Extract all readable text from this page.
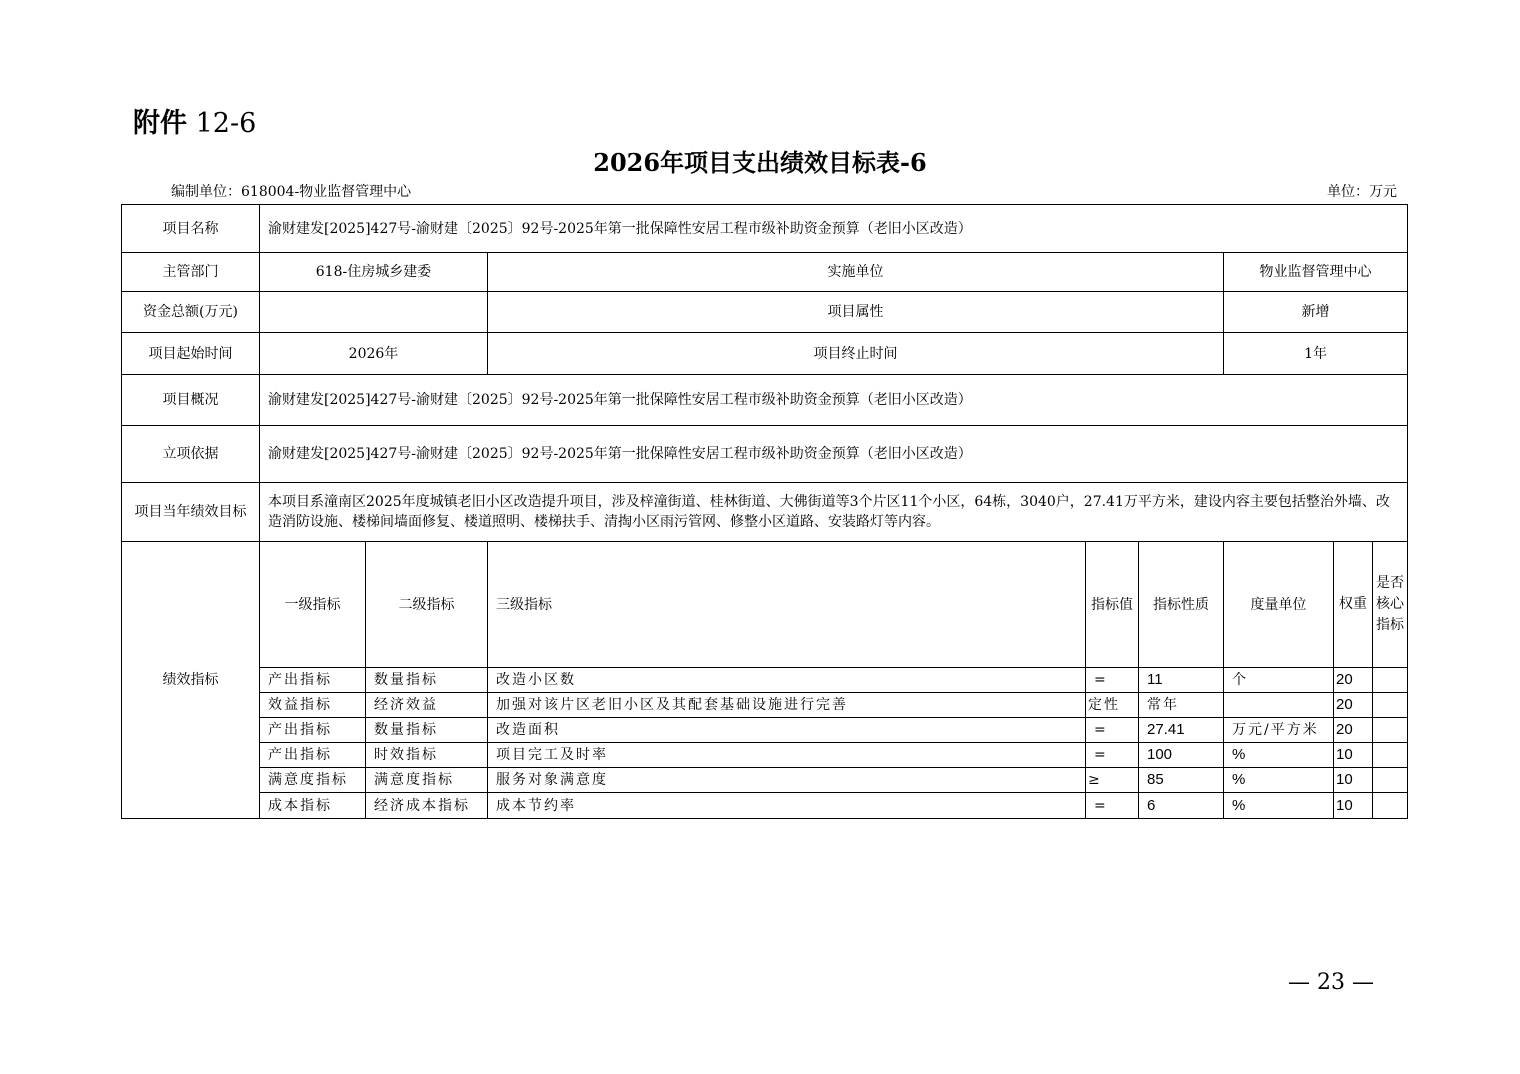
附件 12-6
2026年项目支出绩效目标表-6
编制单位：618004-物业监督管理中心	单位：万元
项目名称	渝财建发[2025]427号-渝财建〔2025〕92号-2025年第一批保障性安居工程市级补助资金预算（老旧小区改造）							
主管部门	618-住房城乡建委		实施单位			物业监督管理中心		
资金总额(万元)			项目属性			新增		
项目起始时间	2026年		项目终止时间			1年		
项目概况	渝财建发[2025]427号-渝财建〔2025〕92号-2025年第一批保障性安居工程市级补助资金预算（老旧小区改造）							
立项依据	渝财建发[2025]427号-渝财建〔2025〕92号-2025年第一批保障性安居工程市级补助资金预算（老旧小区改造）							
项目当年绩效目标	本项目系潼南区2025年度城镇老旧小区改造提升项目，涉及梓潼街道、桂林街道、大佛街道等3个片区11个小区，64栋，3040户，27.41万平方米，建设内容主要包括整治外墙、改造消防设施、楼梯间墙面修复、楼道照明、楼梯扶手、清掏小区雨污管网、修整小区道路、安装路灯等内容。							
绩效指标	一级指标	二级指标	三级指标	指标值	指标性质	度量单位	权重	是否核心指标
	产出指标	数量指标	改造小区数	=	11	个	20	
	效益指标	经济效益	加强对该片区老旧小区及其配套基础设施进行完善	定性	常年		20	
	产出指标	数量指标	改造面积	=	27.41	万元/平方米	20	
	产出指标	时效指标	项目完工及时率	=	100	%	10	
	满意度指标	满意度指标	服务对象满意度	≥	85	%	10	
	成本指标	经济成本指标	成本节约率	=	6	%	10	
— 23 —
